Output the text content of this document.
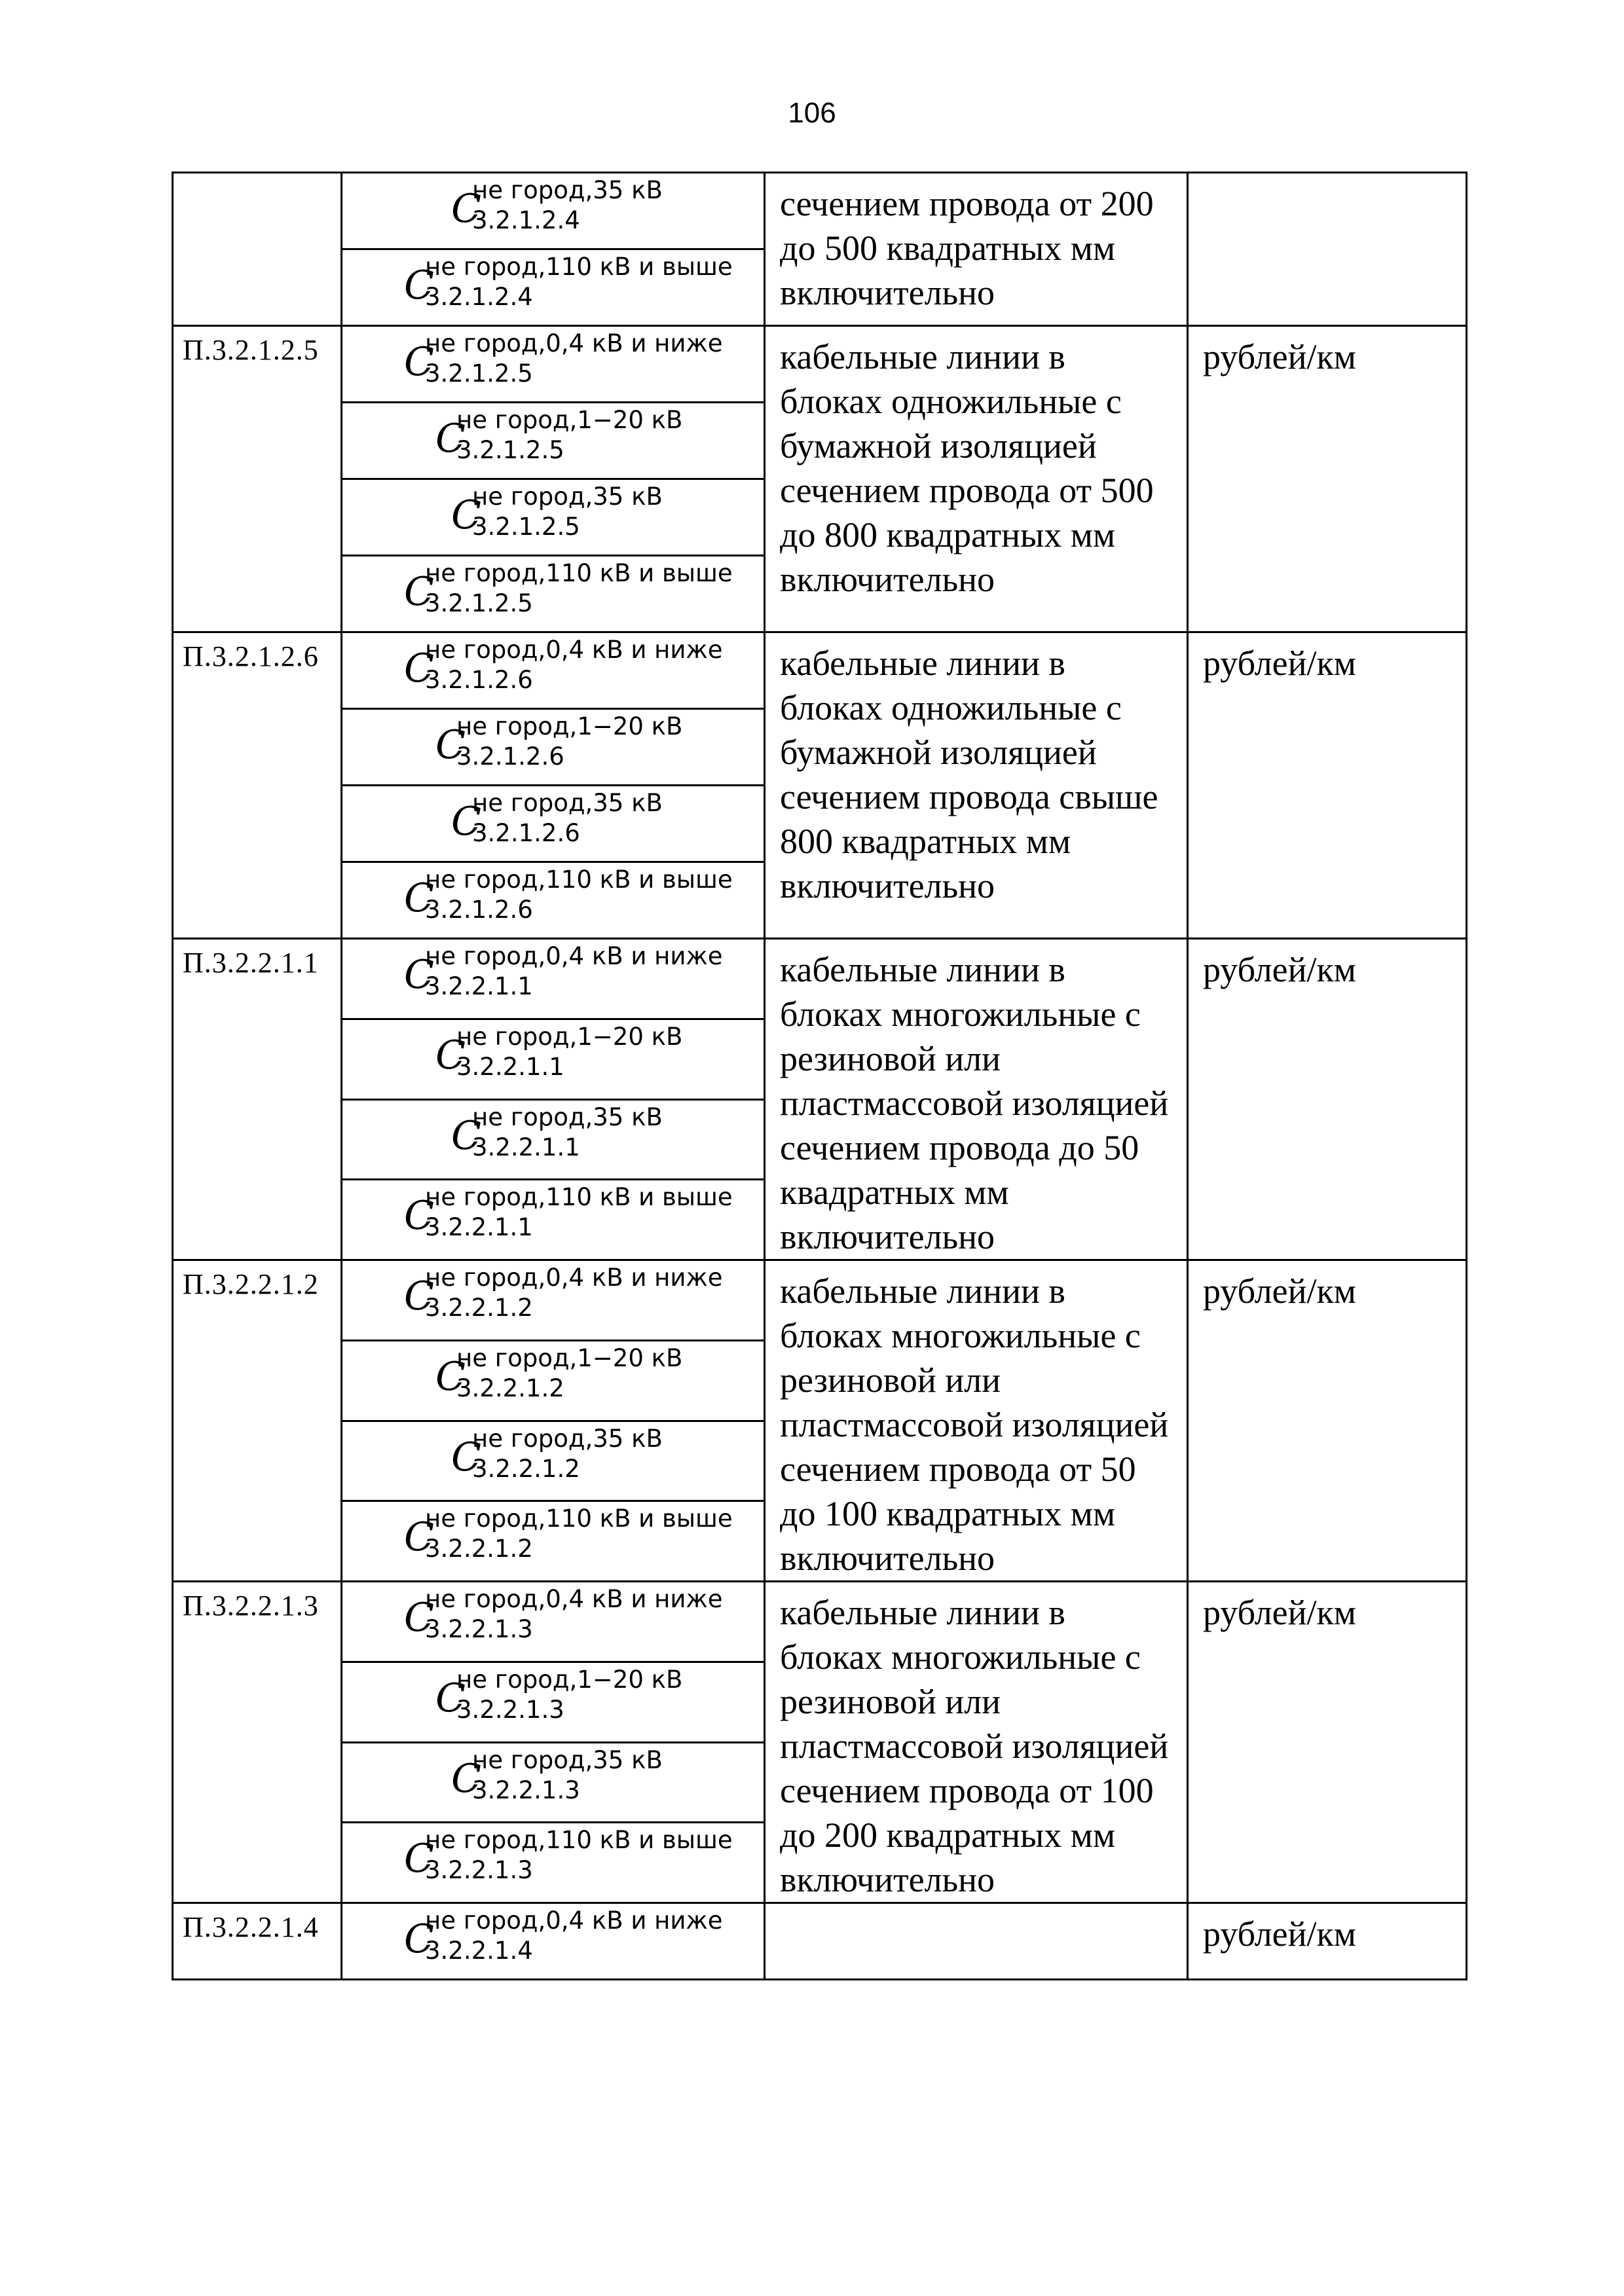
106

	C
не город,35 кВ
3.2.1.2.4	сечением провода от 200 до 500 квадратных мм включительно	

	C
не город,110 кВ и выше
3.2.1.2.4		

П.3.2.1.2.5	C
не город,0,4 кВ и ниже
3.2.1.2.5	кабельные линии в блоках одножильные с бумажной изоляцией сечением провода от 500 до 800 квадратных мм включительно	рублей/км

	C
не город,1−20 кВ
3.2.1.2.5		

	C
не город,35 кВ
3.2.1.2.5		

	C
не город,110 кВ и выше
3.2.1.2.5		

П.3.2.1.2.6	C
не город,0,4 кВ и ниже
3.2.1.2.6	кабельные линии в блоках одножильные с бумажной изоляцией сечением провода свыше 800 квадратных мм включительно	рублей/км

	C
не город,1−20 кВ
3.2.1.2.6		

	C
не город,35 кВ
3.2.1.2.6		

	C
не город,110 кВ и выше
3.2.1.2.6		

П.3.2.2.1.1	C
не город,0,4 кВ и ниже
3.2.2.1.1	кабельные линии в блоках многожильные с резиновой или пластмассовой изоляцией сечением провода до 50 квадратных мм включительно	рублей/км

	C
не город,1−20 кВ
3.2.2.1.1		

	C
не город,35 кВ
3.2.2.1.1		

	C
не город,110 кВ и выше
3.2.2.1.1		

П.3.2.2.1.2	C
не город,0,4 кВ и ниже
3.2.2.1.2	кабельные линии в блоках многожильные с резиновой или пластмассовой изоляцией сечением провода от 50 до 100 квадратных мм включительно	рублей/км

	C
не город,1−20 кВ
3.2.2.1.2		

	C
не город,35 кВ
3.2.2.1.2		

	C
не город,110 кВ и выше
3.2.2.1.2		

П.3.2.2.1.3	C
не город,0,4 кВ и ниже
3.2.2.1.3	кабельные линии в блоках многожильные с резиновой или пластмассовой изоляцией сечением провода от 100 до 200 квадратных мм включительно	рублей/км

	C
не город,1−20 кВ
3.2.2.1.3		

	C
не город,35 кВ
3.2.2.1.3		

	C
не город,110 кВ и выше
3.2.2.1.3		

П.3.2.2.1.4	C
не город,0,4 кВ и ниже
3.2.2.1.4		рублей/км
